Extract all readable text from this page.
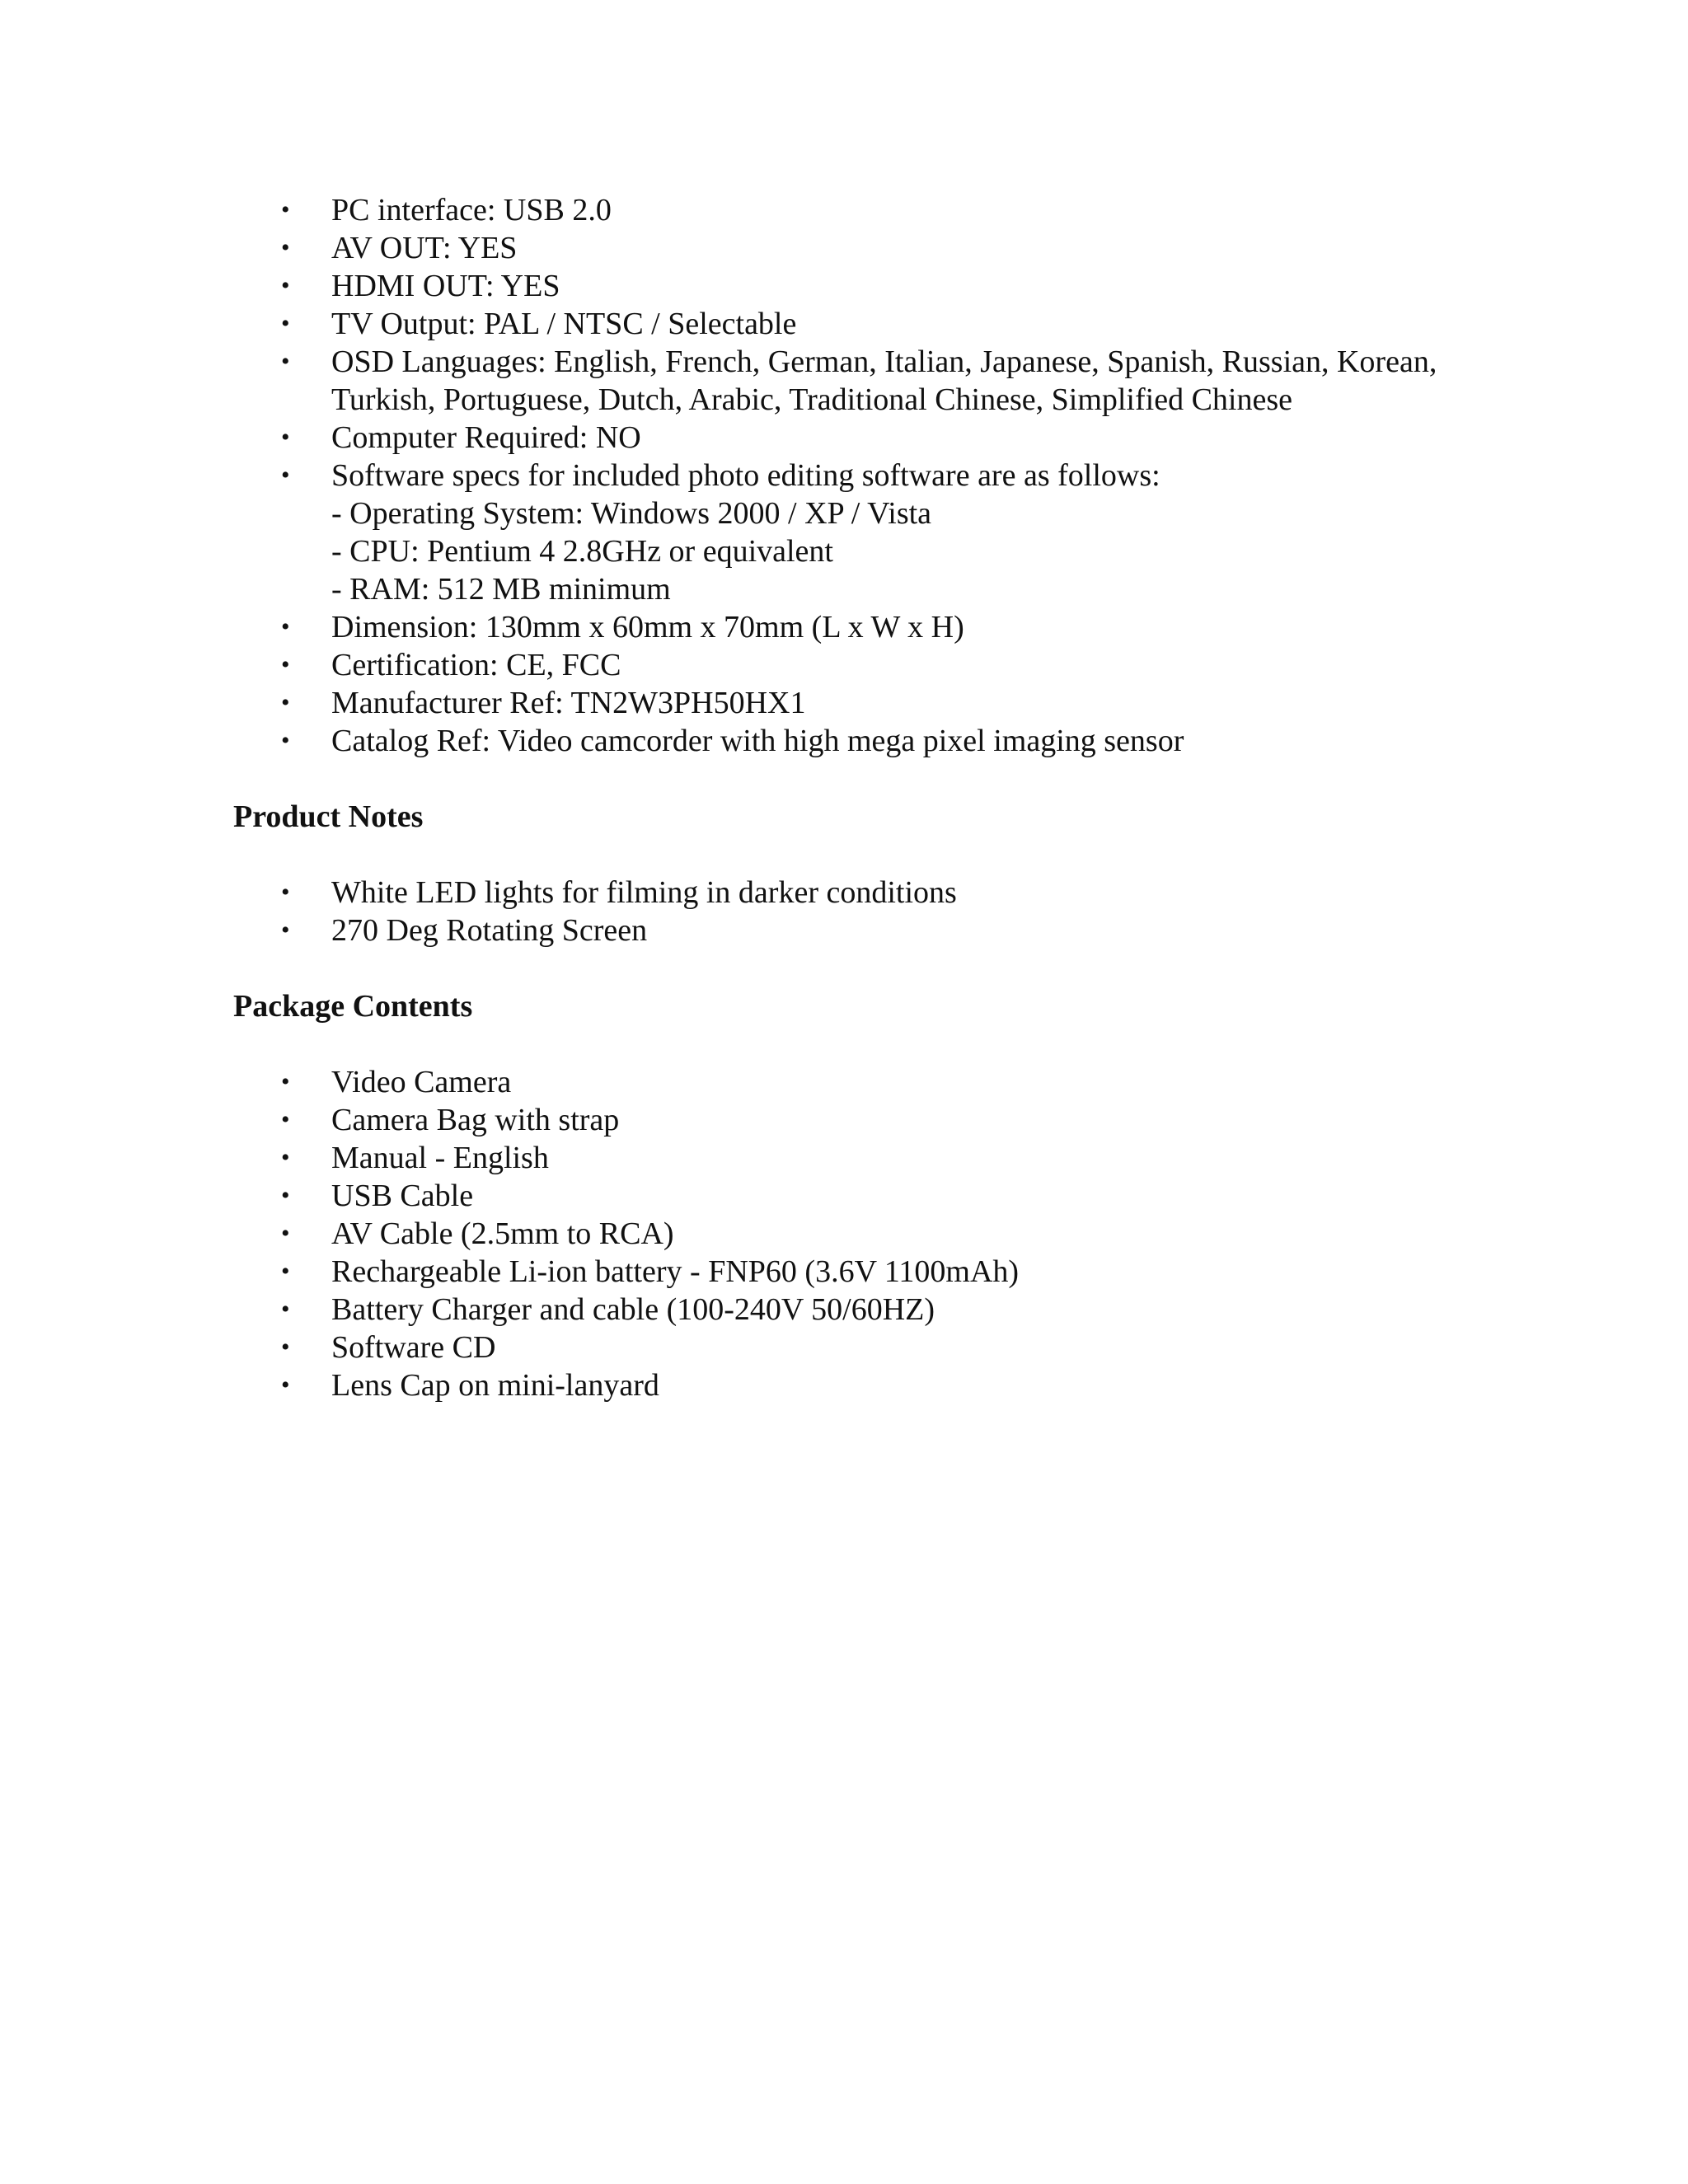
• PC interface: USB 2.0
• AV OUT: YES
• HDMI OUT: YES
• TV Output: PAL / NTSC / Selectable
• OSD Languages: English, French, German, Italian, Japanese, Spanish, Russian, Korean, Turkish, Portuguese, Dutch, Arabic, Traditional Chinese, Simplified Chinese
• Computer Required: NO
• Software specs for included photo editing software are as follows:
- Operating System: Windows 2000 / XP / Vista
- CPU: Pentium 4 2.8GHz or equivalent
- RAM: 512 MB minimum
• Dimension: 130mm x 60mm x 70mm (L x W x H)
• Certification: CE, FCC
• Manufacturer Ref: TN2W3PH50HX1
• Catalog Ref: Video camcorder with high mega pixel imaging sensor
Product Notes
• White LED lights for filming in darker conditions
• 270 Deg Rotating Screen
Package Contents
• Video Camera
• Camera Bag with strap
• Manual - English
• USB Cable
• AV Cable (2.5mm to RCA)
• Rechargeable Li-ion battery - FNP60 (3.6V 1100mAh)
• Battery Charger and cable (100-240V 50/60HZ)
• Software CD
• Lens Cap on mini-lanyard
